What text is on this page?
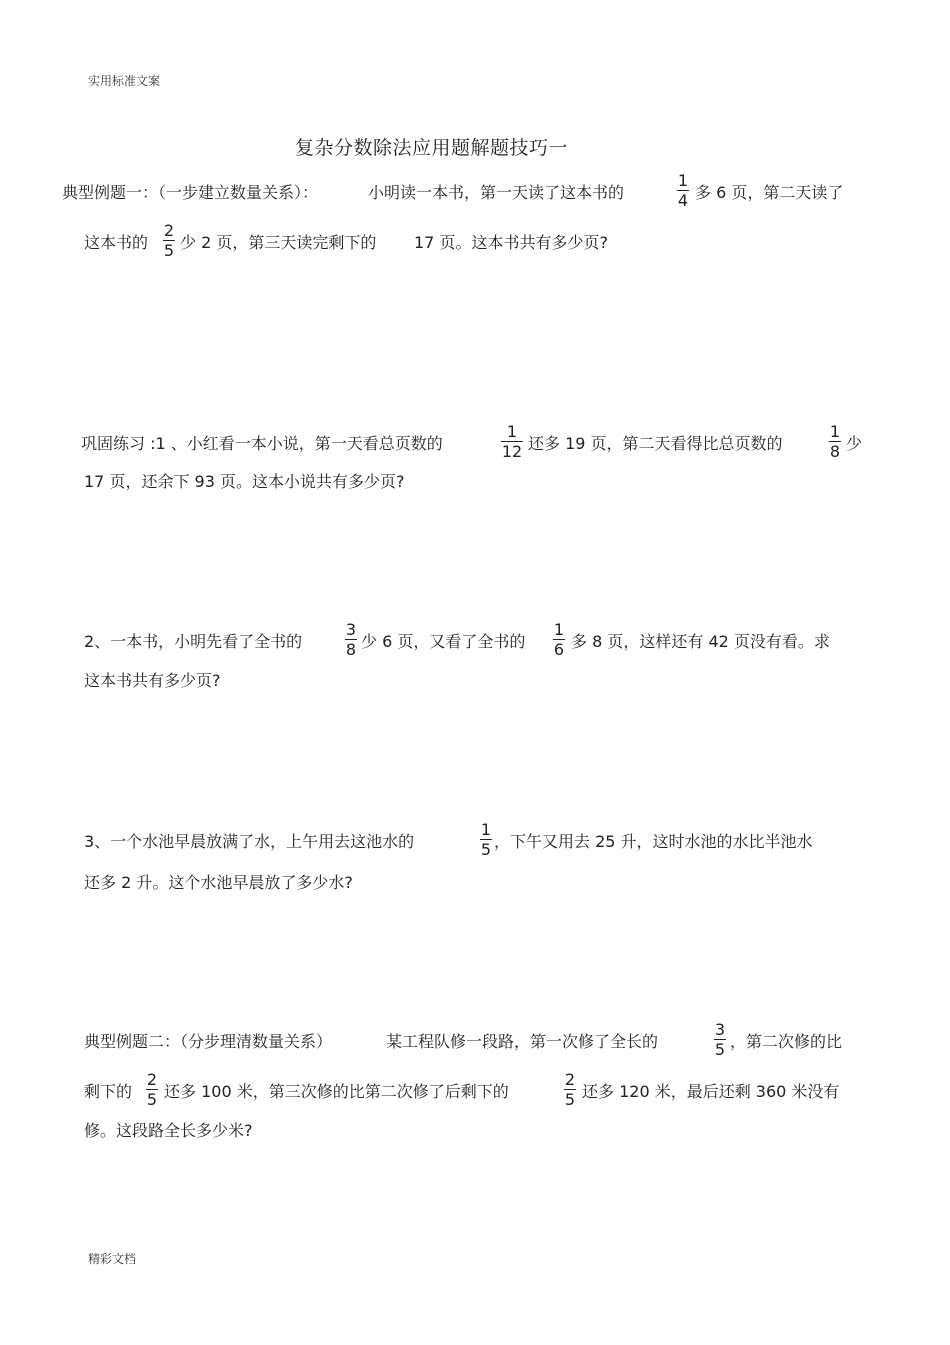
实用标准文案
复杂分数除法应用题解题技巧一
典型例题一：（一步建立数量关系）：	小明读一本书，第一天读了这本书的
1
4 多 6 页，第二天读了
这本书的
2
5 少 2 页，第三天读完剩下的 17 页。这本书共有多少页?
巩固练习 :1 、小红看一本小说，第一天看总页数的
1
12 还多 19 页，第二天看得比总页数的
1
8 少
17 页，还余下 93 页。这本小说共有多少页?
2、一本书，小明先看了全书的
3
8 少 6 页，又看了全书的
1
6 多 8 页，这样还有 42 页没有看。求
这本书共有多少页?
3、一个水池早晨放满了水，上午用去这池水的
1
5 ，下午又用去 25 升，这时水池的水比半池水
还多 2 升。这个水池早晨放了多少水?
典型例题二：（分步理清数量关系）	某工程队修一段路，第一次修了全长的
3
5 ，第二次修的比
剩下的
2
5 还多 100 米，第三次修的比第二次修了后剩下的
2
5 还多 120 米，最后还剩 360 米没有
修。这段路全长多少米?
精彩文档
